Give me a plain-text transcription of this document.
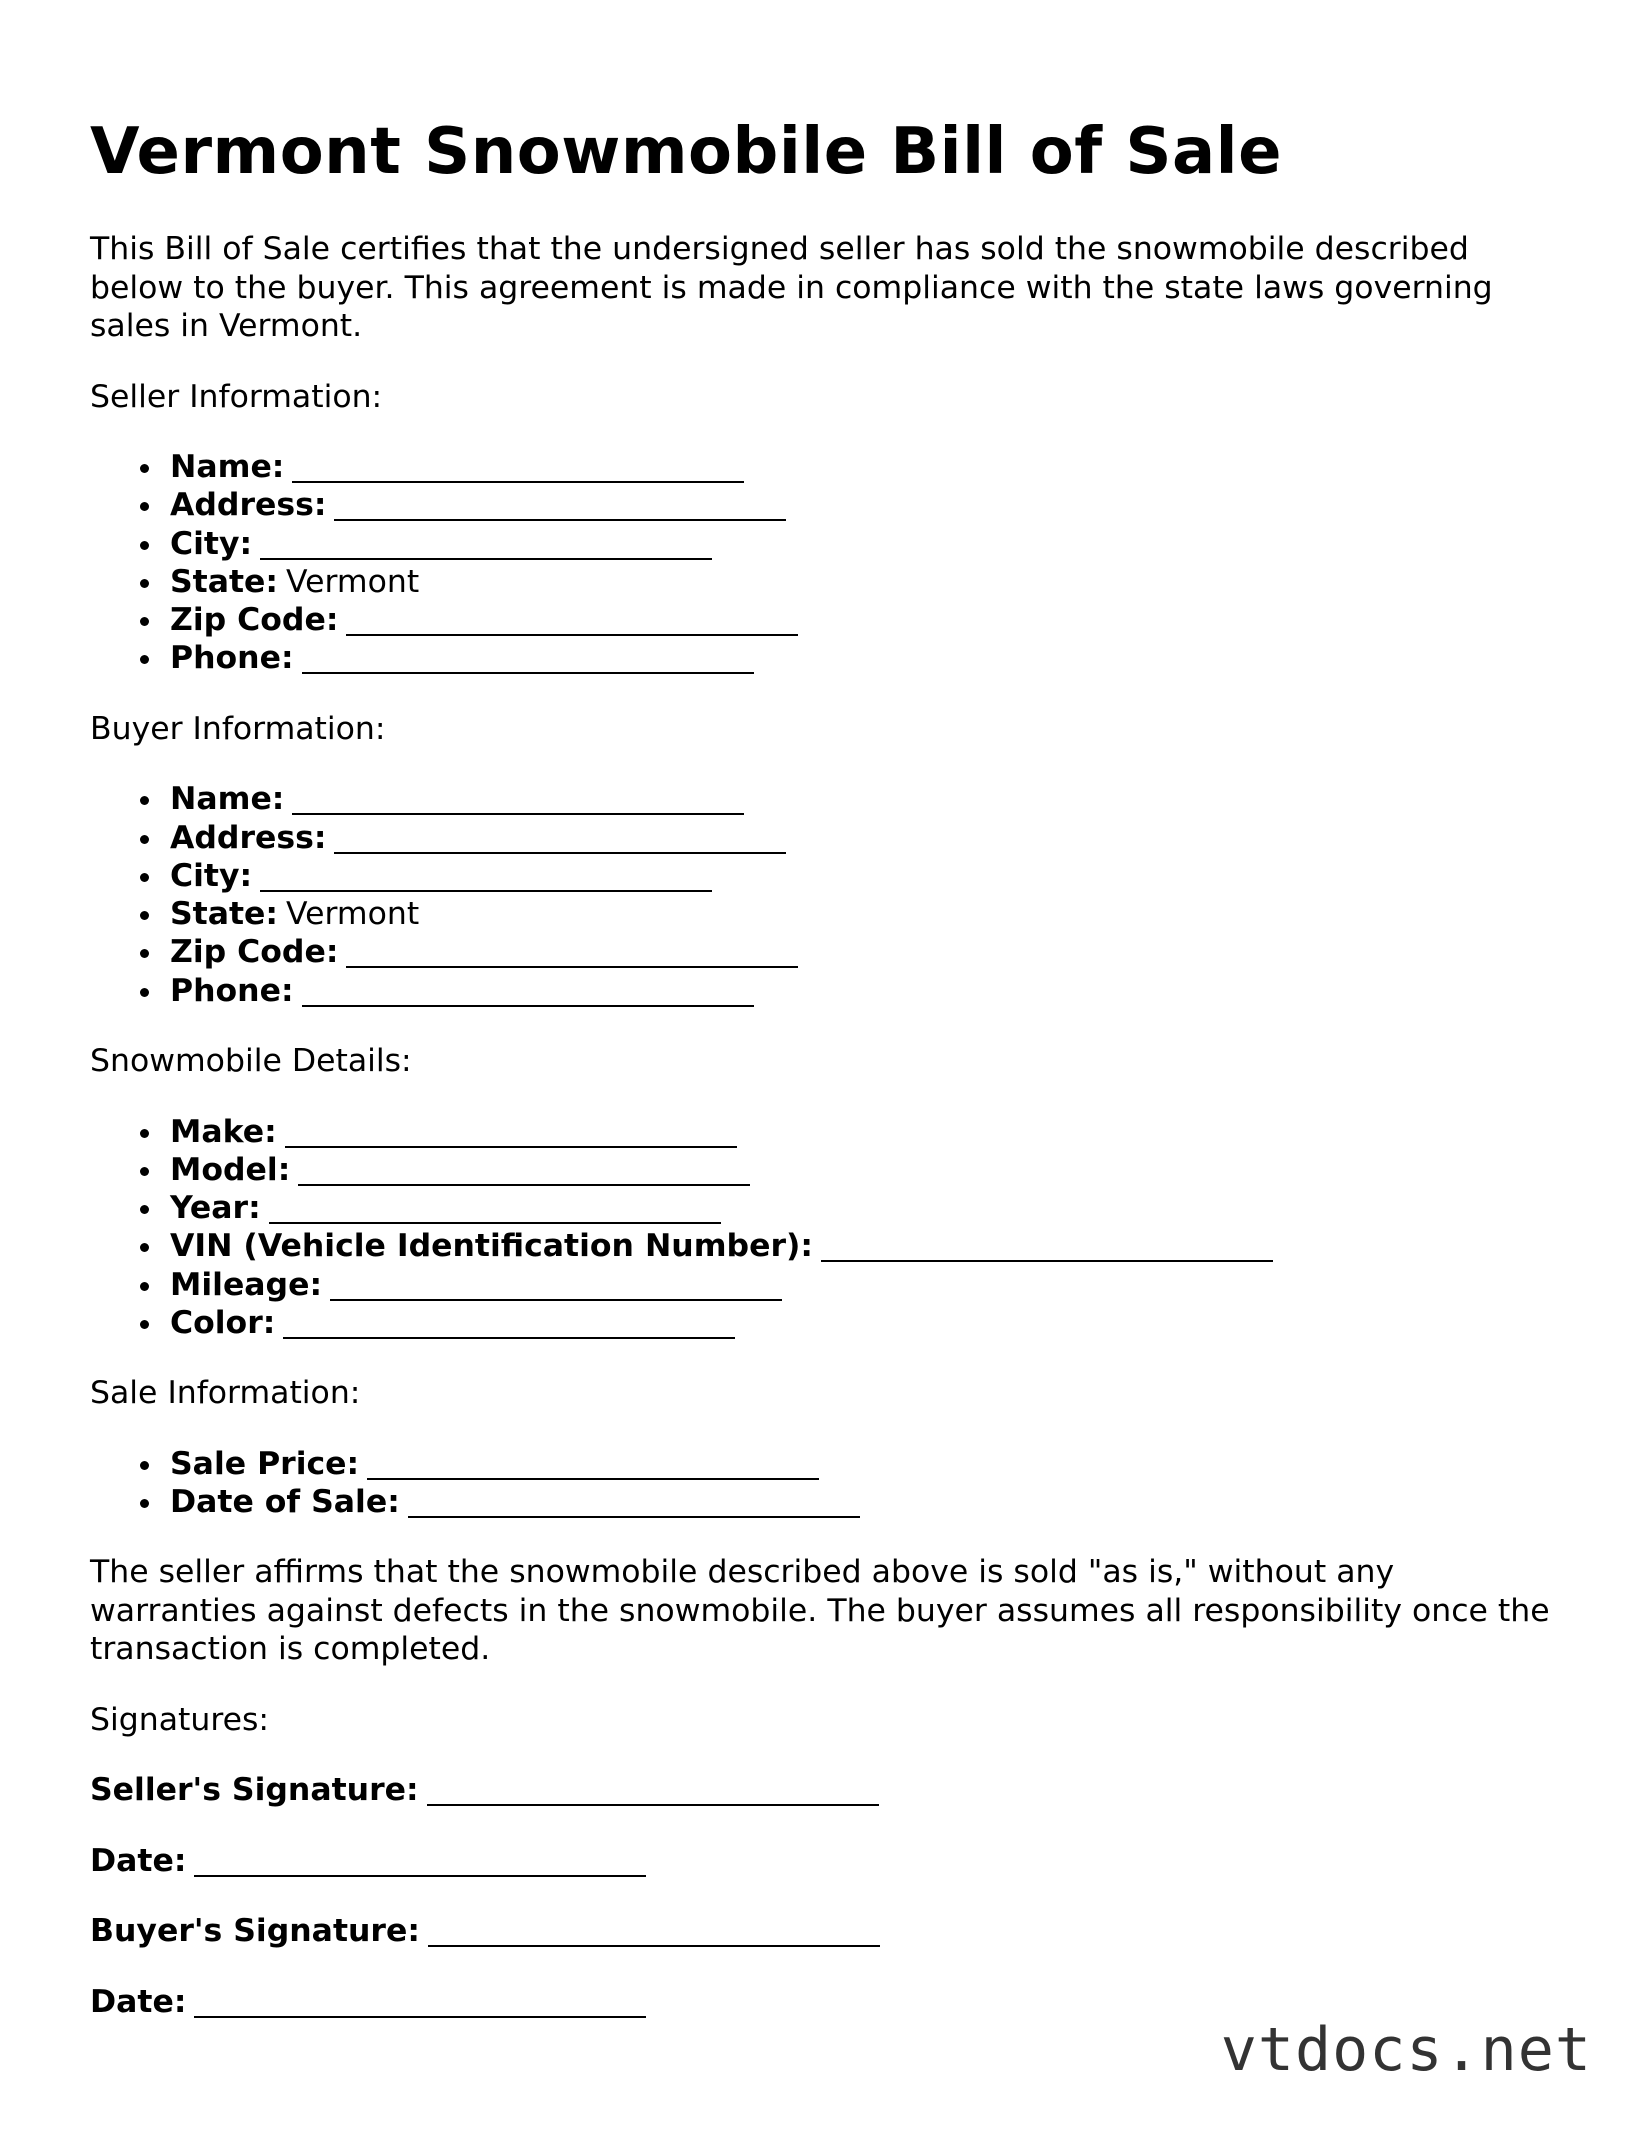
Vermont Snowmobile Bill of Sale

This Bill of Sale certifies that the undersigned seller has sold the snowmobile described below to the buyer. This agreement is made in compliance with the state laws governing sales in Vermont.

Seller Information:

Name:
Address:
City:
State: Vermont
Zip Code:
Phone:

Buyer Information:

Name:
Address:
City:
State: Vermont
Zip Code:
Phone:

Snowmobile Details:

Make:
Model:
Year:
VIN (Vehicle Identification Number):
Mileage:
Color:

Sale Information:

Sale Price:
Date of Sale:

The seller affirms that the snowmobile described above is sold "as is," without any warranties against defects in the snowmobile. The buyer assumes all responsibility once the transaction is completed.

Signatures:

Seller's Signature:
Date:
Buyer's Signature:
Date:
vtdocs.net
